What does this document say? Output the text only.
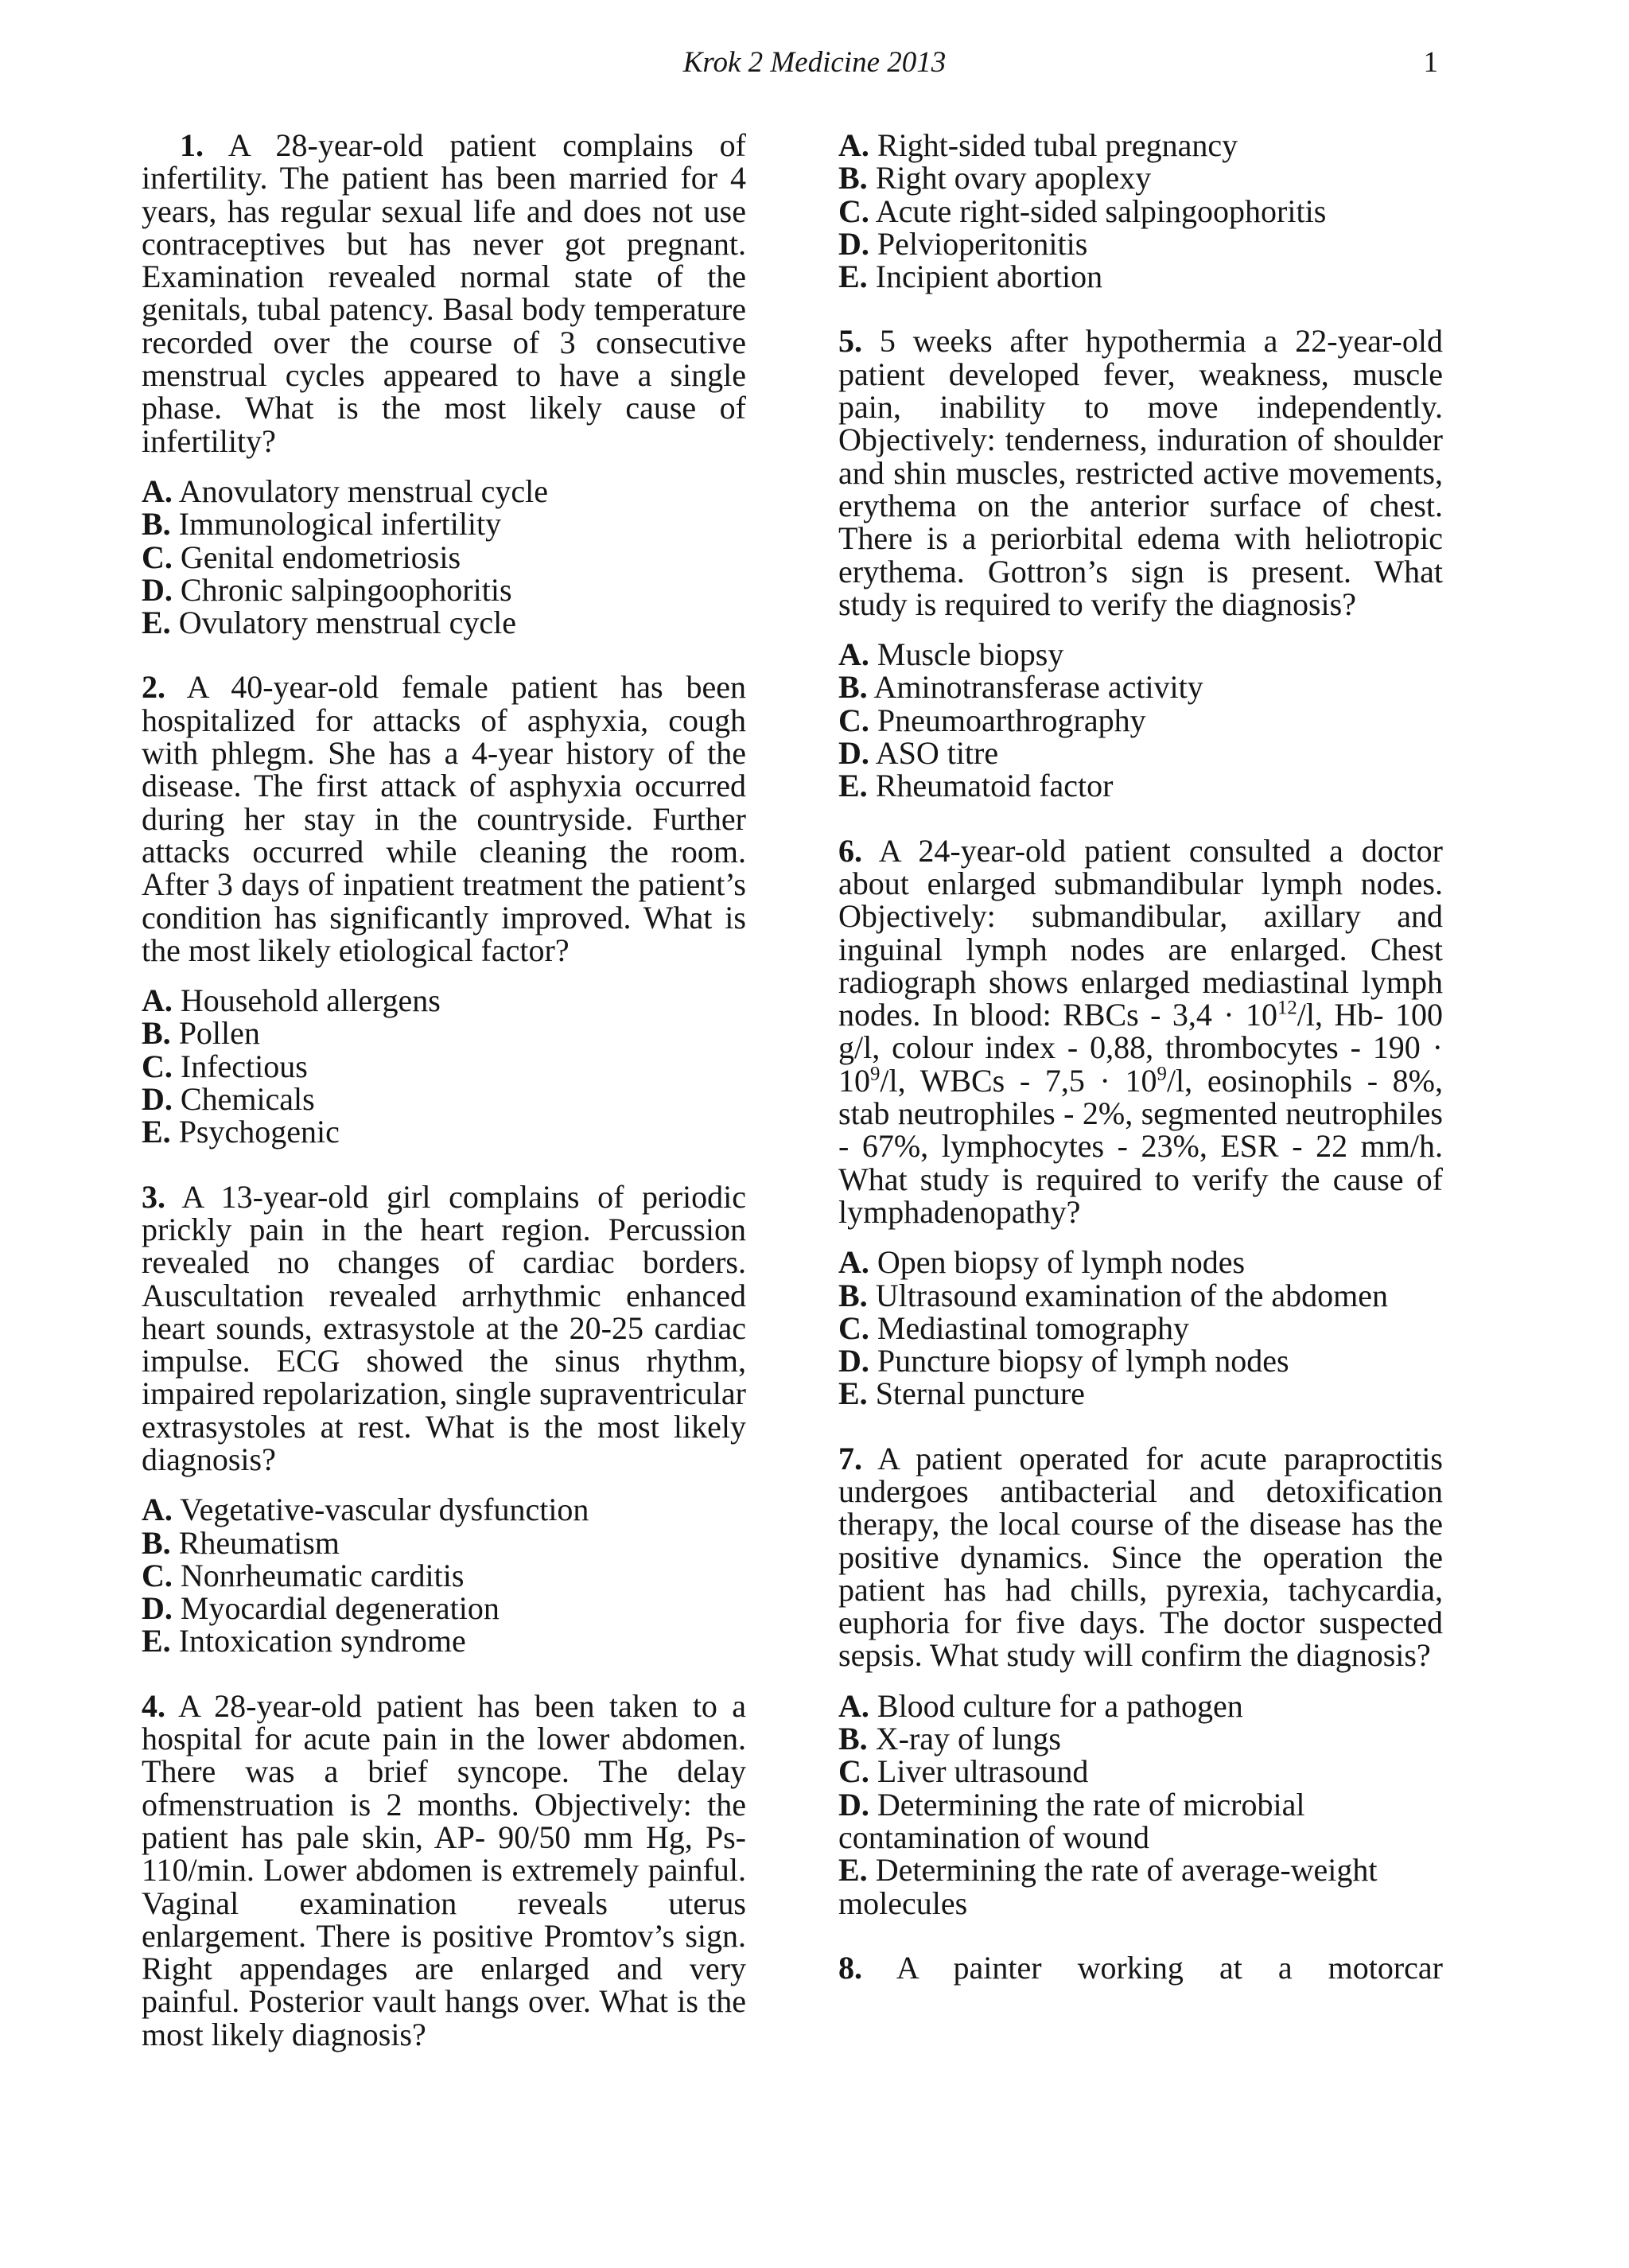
Krok 2 Medicine 2013	1

1. A 28-year-old patient complains of infertility. The patient has been married for 4 years, has regular sexual life and does not use contraceptives but has never got pregnant. Examination revealed normal state of the genitals, tubal patency. Basal body temperature recorded over the course of 3 consecutive menstrual cycles appeared to have a single phase. What is the most likely cause of infertility?

A. Anovulatory menstrual cycle
B. Immunological infertility
C. Genital endometriosis
D. Chronic salpingoophoritis
E. Ovulatory menstrual cycle

2. A 40-year-old female patient has been hospitalized for attacks of asphyxia, cough with phlegm. She has a 4-year history of the disease. The first attack of asphyxia occurred during her stay in the countryside. Further attacks occurred while cleaning the room. After 3 days of inpatient treatment the patient’s condition has significantly improved. What is the most likely etiological factor?

A. Household allergens
B. Pollen
C. Infectious
D. Chemicals
E. Psychogenic

3. A 13-year-old girl complains of periodic prickly pain in the heart region. Percussion revealed no changes of cardiac borders. Auscultation revealed arrhythmic enhanced heart sounds, extrasystole at the 20-25 cardiac impulse. ECG showed the sinus rhythm, impaired repolarization, single supraventricular extrasystoles at rest. What is the most likely diagnosis?

A. Vegetative-vascular dysfunction
B. Rheumatism
C. Nonrheumatic carditis
D. Myocardial degeneration
E. Intoxication syndrome

4. A 28-year-old patient has been taken to a hospital for acute pain in the lower abdomen. There was a brief syncope. The delay ofmenstruation is 2 months. Objectively: the patient has pale skin, AP- 90/50 mm Hg, Ps- 110/min. Lower abdomen is extremely painful. Vaginal examination reveals uterus enlargement. There is positive Promtov’s sign. Right appendages are enlarged and very painful. Posterior vault hangs over. What is the most likely diagnosis?

A. Right-sided tubal pregnancy
B. Right ovary apoplexy
C. Acute right-sided salpingoophoritis
D. Pelvioperitonitis
E. Incipient abortion

5. 5 weeks after hypothermia a 22-year-old patient developed fever, weakness, muscle pain, inability to move independently. Objectively: tenderness, induration of shoulder and shin muscles, restricted active movements, erythema on the anterior surface of chest. There is a periorbital edema with heliotropic erythema. Gottron’s sign is present. What study is required to verify the diagnosis?

A. Muscle biopsy
B. Aminotransferase activity
C. Pneumoarthrography
D. ASO titre
E. Rheumatoid factor

6. A 24-year-old patient consulted a doctor about enlarged submandibular lymph nodes. Objectively: submandibular, axillary and inguinal lymph nodes are enlarged. Chest radiograph shows enlarged mediastinal lymph nodes. In blood: RBCs - $3,4 \cdot 10^{12}/l$, Hb- 100 g/l, colour index - 0,88, thrombocytes - $190 \cdot 10^9/l$, WBCs - $7,5 \cdot 10^9/l$, eosinophils - 8%, stab neutrophiles - 2%, segmented neutrophiles - 67%, lymphocytes - 23%, ESR - 22 mm/h. What study is required to verify the cause of lymphadenopathy?

A. Open biopsy of lymph nodes
B. Ultrasound examination of the abdomen
C. Mediastinal tomography
D. Puncture biopsy of lymph nodes
E. Sternal puncture

7. A patient operated for acute paraproctitis undergoes antibacterial and detoxification therapy, the local course of the disease has the positive dynamics. Since the operation the patient has had chills, pyrexia, tachycardia, euphoria for five days. The doctor suspected sepsis. What study will confirm the diagnosis?

A. Blood culture for a pathogen
B. X-ray of lungs
C. Liver ultrasound
D. Determining the rate of microbial contamination of wound
E. Determining the rate of average-weight molecules

8. A painter working at a motorcar
